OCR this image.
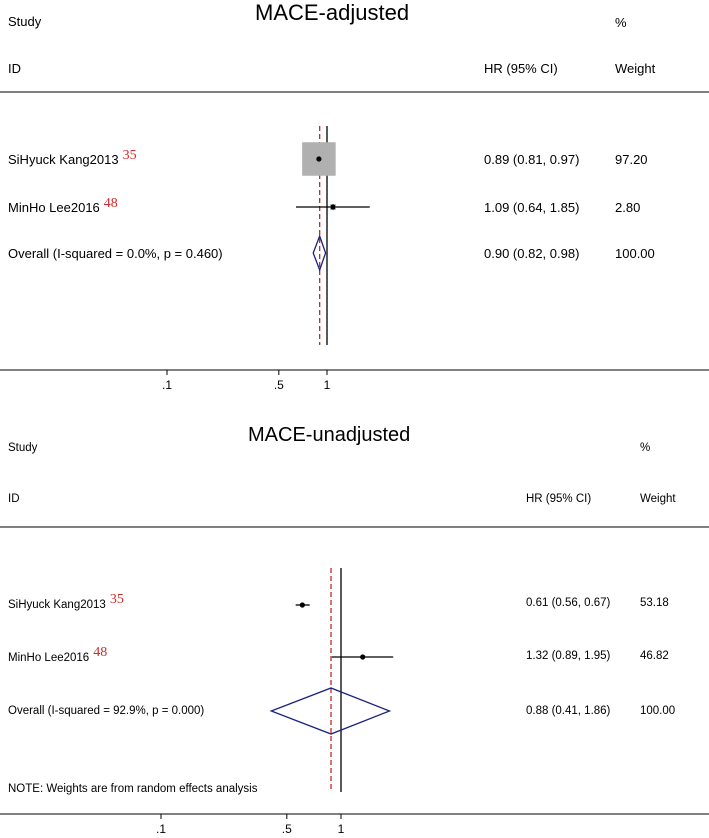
.1	.5	1
MACE-adjusted
Study
ID	HR (95% CI)
%
Weight
SiHyuck Kang2013 35	0.89 (0.81, 0.97)	97.20
MinHo Lee2016 48	1.09 (0.64, 1.85)	2.80
Overall (I-squared = 0.0%, p = 0.460)	0.90 (0.82, 0.98)	100.00
.1	.5	1
MACE-unadjusted
Study
ID	HR (95% CI)
%
Weight
SiHyuck Kang2013 35	0.61 (0.56, 0.67)	53.18
MinHo Lee2016 48	1.32 (0.89, 1.95)	46.82
Overall (I-squared = 92.9%, p = 0.000)	0.88 (0.41, 1.86)	100.00
NOTE: Weights are from random effects analysis
